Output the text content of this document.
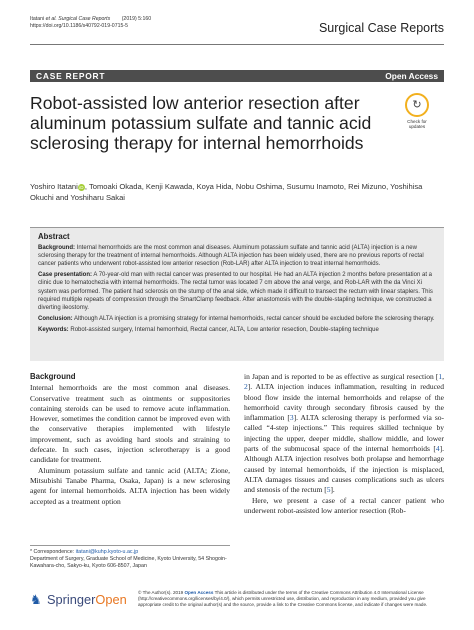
Itatani et al. Surgical Case Reports (2019) 5:160
https://doi.org/10.1186/s40792-019-0715-5	Surgical Case Reports
CASE REPORT	Open Access
Robot-assisted low anterior resection after aluminum potassium sulfate and tannic acid sclerosing therapy for internal hemorrhoids
↻
Check for
updates
Yoshiro ItataniiD, Tomoaki Okada, Kenji Kawada, Koya Hida, Nobu Oshima, Susumu Inamoto, Rei Mizuno, Yoshihisa Okuchi and Yoshiharu Sakai
Abstract

Background: Internal hemorrhoids are the most common anal diseases. Aluminum potassium sulfate and tannic acid (ALTA) injection is a new sclerosing therapy for the treatment of internal hemorrhoids. Although ALTA injection has been widely used, there are no previous reports of rectal cancer patients who underwent robot-assisted low anterior resection (Rob-LAR) after ALTA injection to treat internal hemorrhoids.

Case presentation: A 70-year-old man with rectal cancer was presented to our hospital. He had an ALTA injection 2 months before presentation at a clinic due to hematochezia with internal hemorrhoids. The rectal tumor was located 7 cm above the anal verge, and Rob-LAR with the da Vinci Xi system was performed. The patient had sclerosis on the stump of the anal side, which made it difficult to transect the rectum with linear staplers. This required multiple repeats of compression through the SmartClamp feedback. After anastomosis with the double-stapling technique, we constructed a diverting ileostomy.

Conclusion: Although ALTA injection is a promising strategy for internal hemorrhoids, rectal cancer should be excluded before the sclerosing therapy.

Keywords: Robot-assisted surgery, Internal hemorrhoid, Rectal cancer, ALTA, Low anterior resection, Double-stapling technique

Background

Internal hemorrhoids are the most common anal diseases. Conservative treatment such as ointments or suppositories containing steroids can be used to remove acute inflammation. However, sometimes the condition cannot be improved even with the conservative therapies implemented with lifestyle improvement, such as avoiding hard stools and straining to defecate. In such cases, injection sclerotherapy is a good candidate for treatment.

Aluminum potassium sulfate and tannic acid (ALTA; Zione, Mitsubishi Tanabe Pharma, Osaka, Japan) is a new sclerosing agent for internal hemorrhoids. ALTA injection has been widely accepted as a treatment option

in Japan and is reported to be as effective as surgical resection [1, 2]. ALTA injection induces inflammation, resulting in reduced blood flow inside the internal hemorrhoids and relapse of the hemorrhoid cavity through secondary fibrosis caused by the inflammation [3]. ALTA sclerosing therapy is performed via so-called “4-step injections.” This requires skilled technique by injecting the upper, deeper middle, shallow middle, and lower parts of the submucosal space of the internal hemorrhoids [4]. Although ALTA injection resolves both prolapse and hemorrhage caused by internal hemorrhoids, if the injection is misplaced, ALTA damages tissues and causes complications such as ulcers and stenosis of the rectum [5].

Here, we present a case of a rectal cancer patient who underwent robot-assisted low anterior resection (Rob-

* Correspondence: itatani@kuhp.kyoto-u.ac.jp
Department of Surgery, Graduate School of Medicine, Kyoto University, 54 Shogoin-Kawahara-cho, Sakyo-ku, Kyoto 606-8507, Japan
♞ SpringerOpen © The Author(s). 2019 Open Access This article is distributed under the terms of the Creative Commons Attribution 4.0 International License (http://creativecommons.org/licenses/by/4.0/), which permits unrestricted use, distribution, and reproduction in any medium, provided you give appropriate credit to the original author(s) and the source, provide a link to the Creative Commons license, and indicate if changes were made.
